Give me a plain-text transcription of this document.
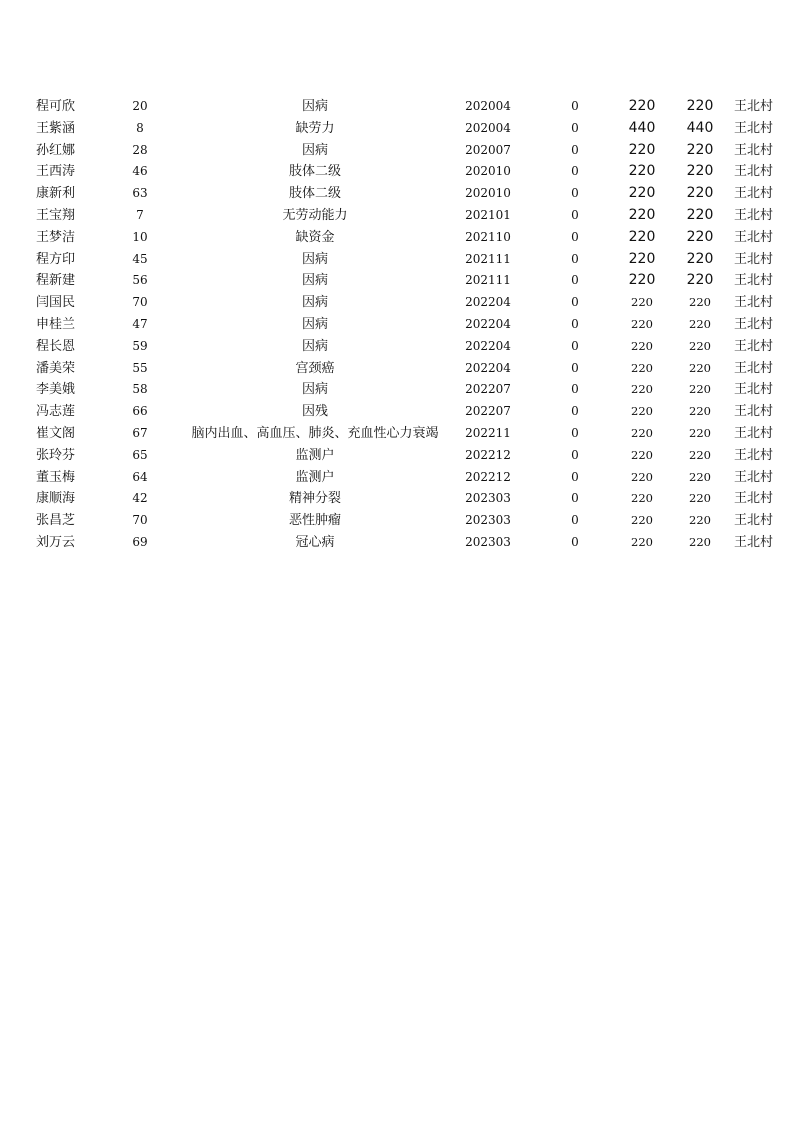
程可欣	20	因病	202004	0	220	220	王北村
王紫涵	8	缺劳力	202004	0	440	440	王北村
孙红娜	28	因病	202007	0	220	220	王北村
王西涛	46	肢体二级	202010	0	220	220	王北村
康新利	63	肢体二级	202010	0	220	220	王北村
王宝翔	7	无劳动能力	202101	0	220	220	王北村
王梦洁	10	缺资金	202110	0	220	220	王北村
程方印	45	因病	202111	0	220	220	王北村
程新建	56	因病	202111	0	220	220	王北村
闫国民	70	因病	202204	0	220	220	王北村
申桂兰	47	因病	202204	0	220	220	王北村
程长恩	59	因病	202204	0	220	220	王北村
潘美荣	55	宫颈癌	202204	0	220	220	王北村
李美娥	58	因病	202207	0	220	220	王北村
冯志莲	66	因残	202207	0	220	220	王北村
崔文阁	67	脑内出血、高血压、肺炎、充血性心力衰竭	202211	0	220	220	王北村
张玲芬	65	监测户	202212	0	220	220	王北村
董玉梅	64	监测户	202212	0	220	220	王北村
康顺海	42	精神分裂	202303	0	220	220	王北村
张昌芝	70	恶性肿瘤	202303	0	220	220	王北村
刘万云	69	冠心病	202303	0	220	220	王北村
